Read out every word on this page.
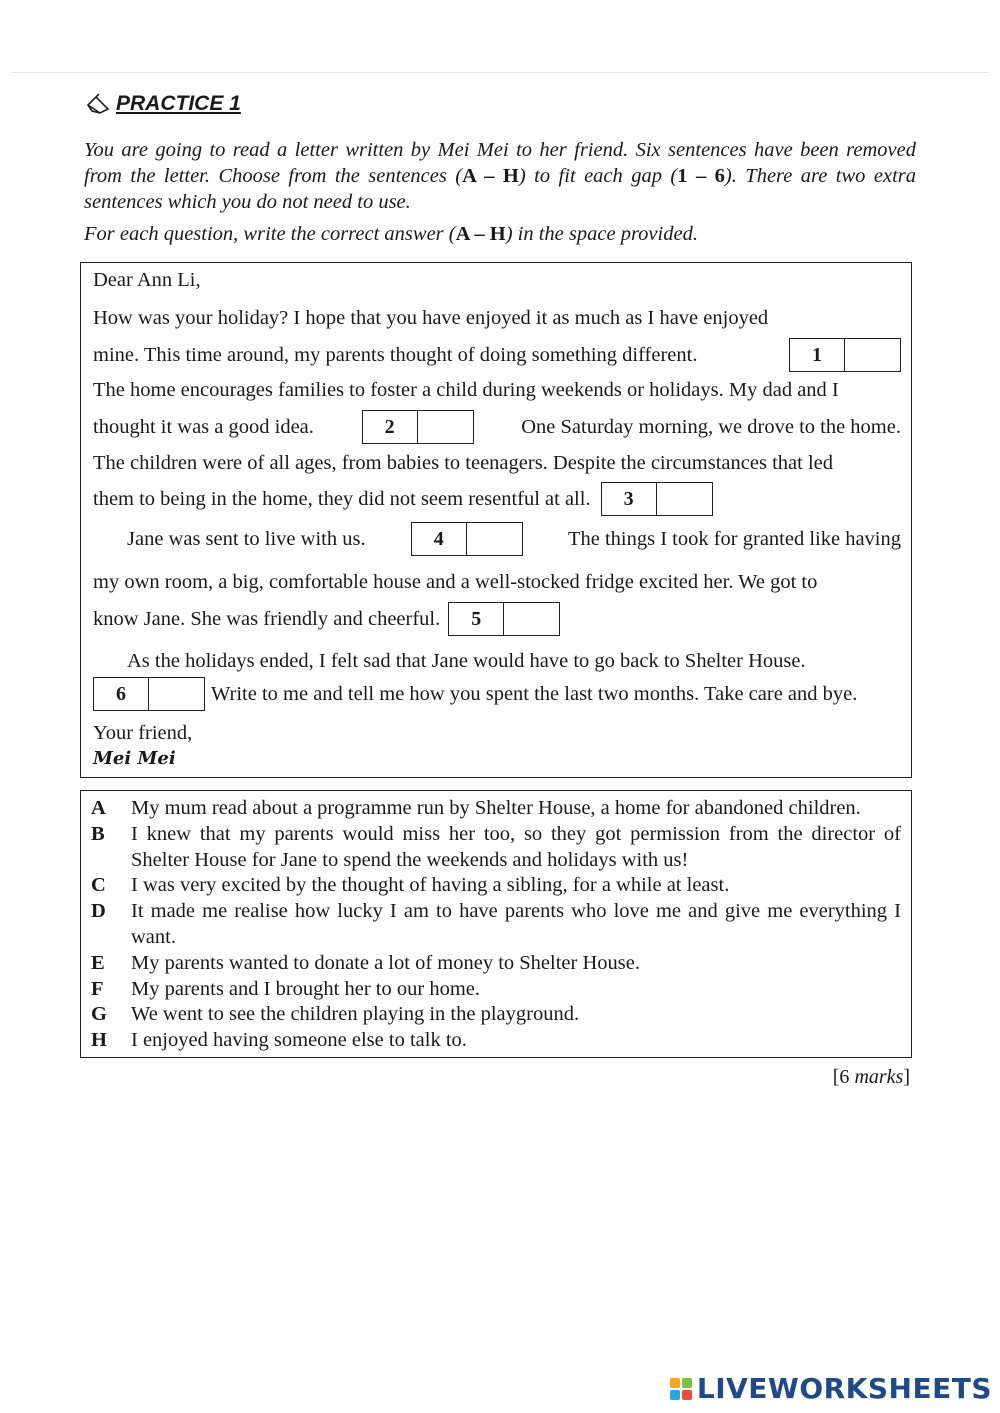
PRACTICE 1

You are going to read a letter written by Mei Mei to her friend. Six sentences have been removed from the letter. Choose from the sentences (A – H) to fit each gap (1 – 6). There are two extra sentences which you do not need to use.

For each question, write the correct answer (A – H) in the space provided.

Dear Ann Li,
How was your holiday? I hope that you have enjoyed it as much as I have enjoyed
mine. This time around, my parents thought of doing something different.	1
The home encourages families to foster a child during weekends or holidays. My dad and I
thought it was a good idea.	2	One Saturday morning, we drove to the home.
The children were of all ages, from babies to teenagers. Despite the circumstances that led
them to being in the home, they did not seem resentful at all.	3
Jane was sent to live with us.	4	The things I took for granted like having
my own room, a big, comfortable house and a well-stocked fridge excited her. We got to
know Jane. She was friendly and cheerful.	5
As the holidays ended, I felt sad that Jane would have to go back to Shelter House.
6	Write to me and tell me how you spent the last two months. Take care and bye.
Your friend,
Mei Mei
A	My mum read about a programme run by Shelter House, a home for abandoned children.
B	I knew that my parents would miss her too, so they got permission from the director of Shelter House for Jane to spend the weekends and holidays with us!
C	I was very excited by the thought of having a sibling, for a while at least.
D	It made me realise how lucky I am to have parents who love me and give me everything I want.
E	My parents wanted to donate a lot of money to Shelter House.
F	My parents and I brought her to our home.
G	We went to see the children playing in the playground.
H	I enjoyed having someone else to talk to.
[6 marks]
LIVEWORKSHEETS
